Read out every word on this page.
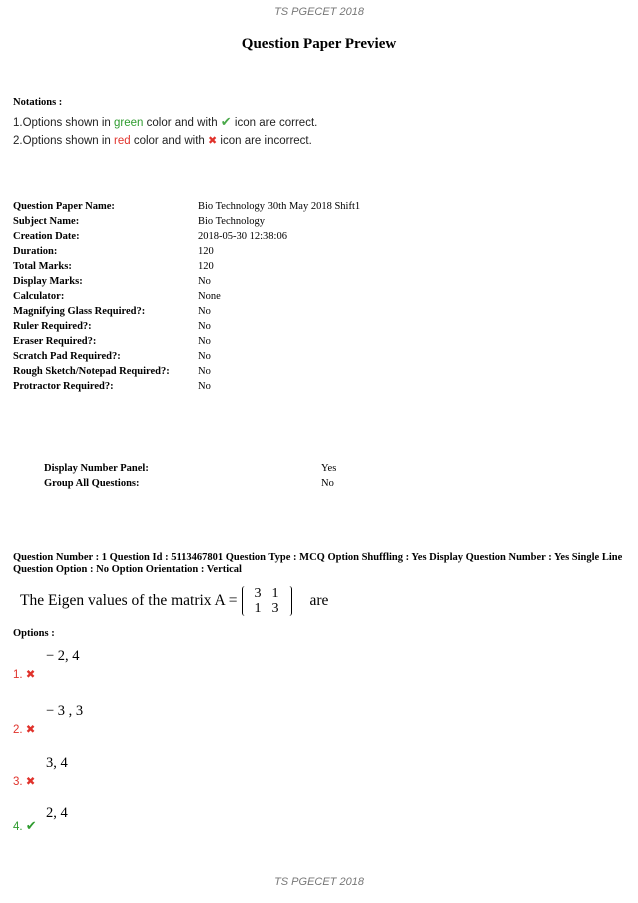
TS PGECET 2018
Question Paper Preview
Notations :
1.Options shown in green color and with ✔ icon are correct.
2.Options shown in red color and with ✖ icon are incorrect.
Question Paper Name:	Bio Technology 30th May 2018 Shift1
Subject Name:	Bio Technology
Creation Date:	2018-05-30 12:38:06
Duration:	120
Total Marks:	120
Display Marks:	No
Calculator:	None
Magnifying Glass Required?:	No
Ruler Required?:	No
Eraser Required?:	No
Scratch Pad Required?:	No
Rough Sketch/Notepad Required?:	No
Protractor Required?:	No
Display Number Panel:	Yes
Group All Questions:	No
Question Number : 1 Question Id : 5113467801 Question Type : MCQ Option Shuffling : Yes Display Question Number : Yes Single Line Question Option : No Option Orientation : Vertical
The Eigen values of the matrix A = 3	1
1	3 are
Options :
1. ✖
− 2, 4
2. ✖
− 3 , 3
3. ✖
3, 4
4. ✔
2, 4
TS PGECET 2018
